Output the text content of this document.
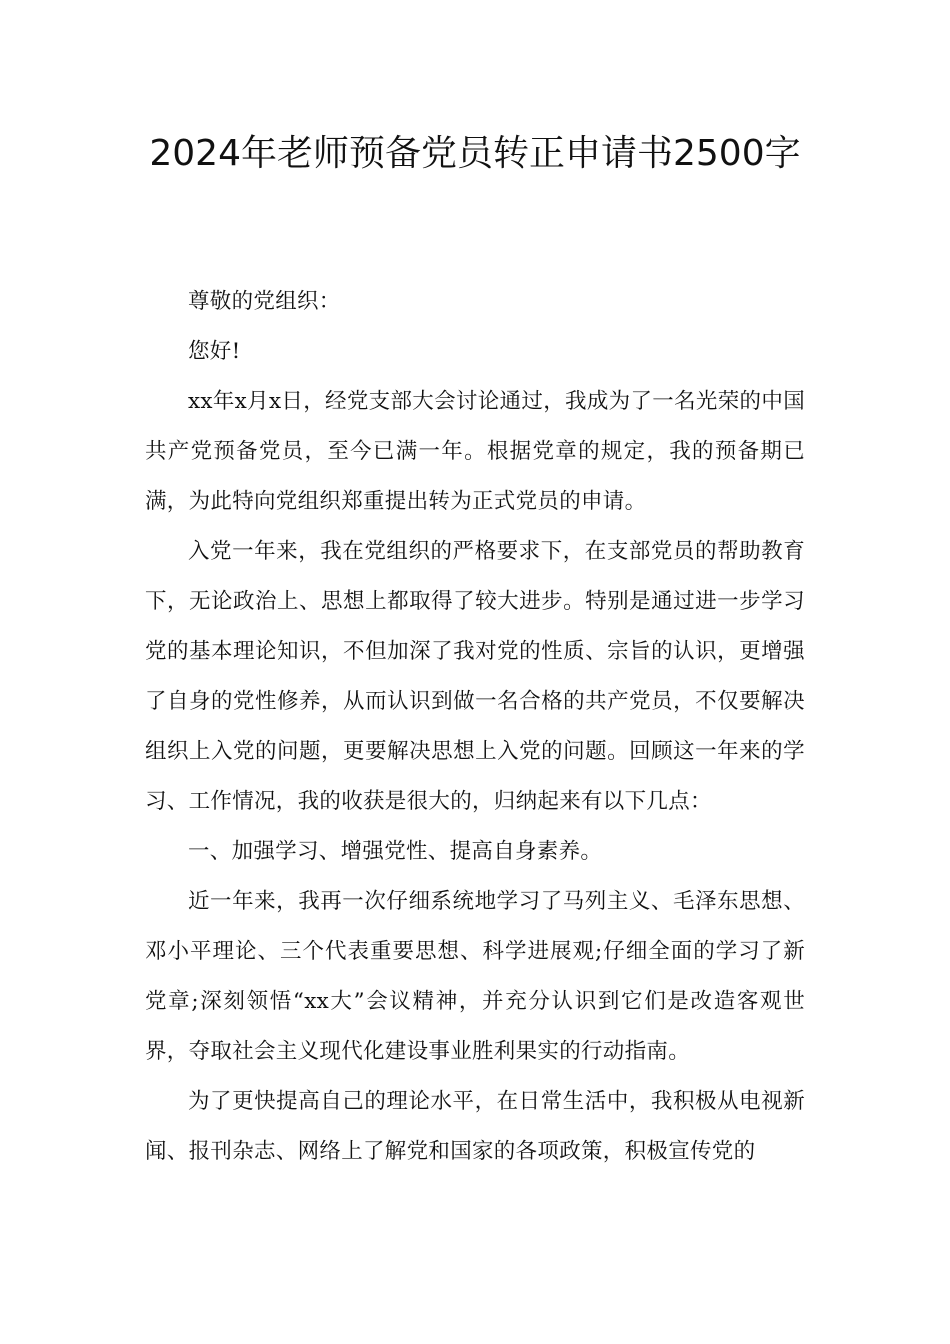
2024年老师预备党员转正申请书2500字

尊敬的党组织：

您好!

xx年x月x日，经党支部大会讨论通过，我成为了一名光荣的中国共产党预备党员，至今已满一年。根据党章的规定，我的预备期已满，为此特向党组织郑重提出转为正式党员的申请。

入党一年来，我在党组织的严格要求下，在支部党员的帮助教育下，无论政治上、思想上都取得了较大进步。特别是通过进一步学习党的基本理论知识，不但加深了我对党的性质、宗旨的认识，更增强了自身的党性修养，从而认识到做一名合格的共产党员，不仅要解决组织上入党的问题，更要解决思想上入党的问题。回顾这一年来的学习、工作情况，我的收获是很大的，归纳起来有以下几点：

一、加强学习、增强党性、提高自身素养。

近一年来，我再一次仔细系统地学习了马列主义、毛泽东思想、邓小平理论、三个代表重要思想、科学进展观;仔细全面的学习了新党章;深刻领悟“xx大”会议精神，并充分认识到它们是改造客观世界，夺取社会主义现代化建设事业胜利果实的行动指南。

为了更快提高自己的理论水平，在日常生活中，我积极从电视新闻、报刊杂志、网络上了解党和国家的各项政策，积极宣传党的
